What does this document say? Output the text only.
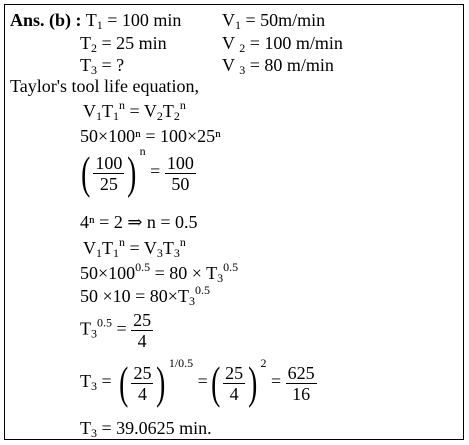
Ans. (b) : $T_1 = 100$ $\min V_1 = 50m/\min$
$T_2 = 25$ min	V $_2$ = 100 m/min
$T_3$ = ?	V $_3$ = 80 m/min
Taylor's tool life equation,
$V_1T_1^n = V_2T_2^n$
50×100ⁿ = 100×25ⁿ
( $\frac{100}{25}$ ) $^n = \frac{100}{50}$
4ⁿ = 2 ⇒ n = 0.5
$V_1T_1^n = V_3T_3^n$
$50\times 100^{0.5} = 80 \times T_3^{0.5}$
$50 \times 10 = 80\times T_3^{0.5}$
$T_3^{0.5} = \frac{25}{4}$
$T_3$ = ( $\frac{25}{4}$ ) $^{1/0.5}$ =( $\frac{25}{4}$ ) $^2 = \frac{625}{16}$
$T_3 = 39.0625$ min.
